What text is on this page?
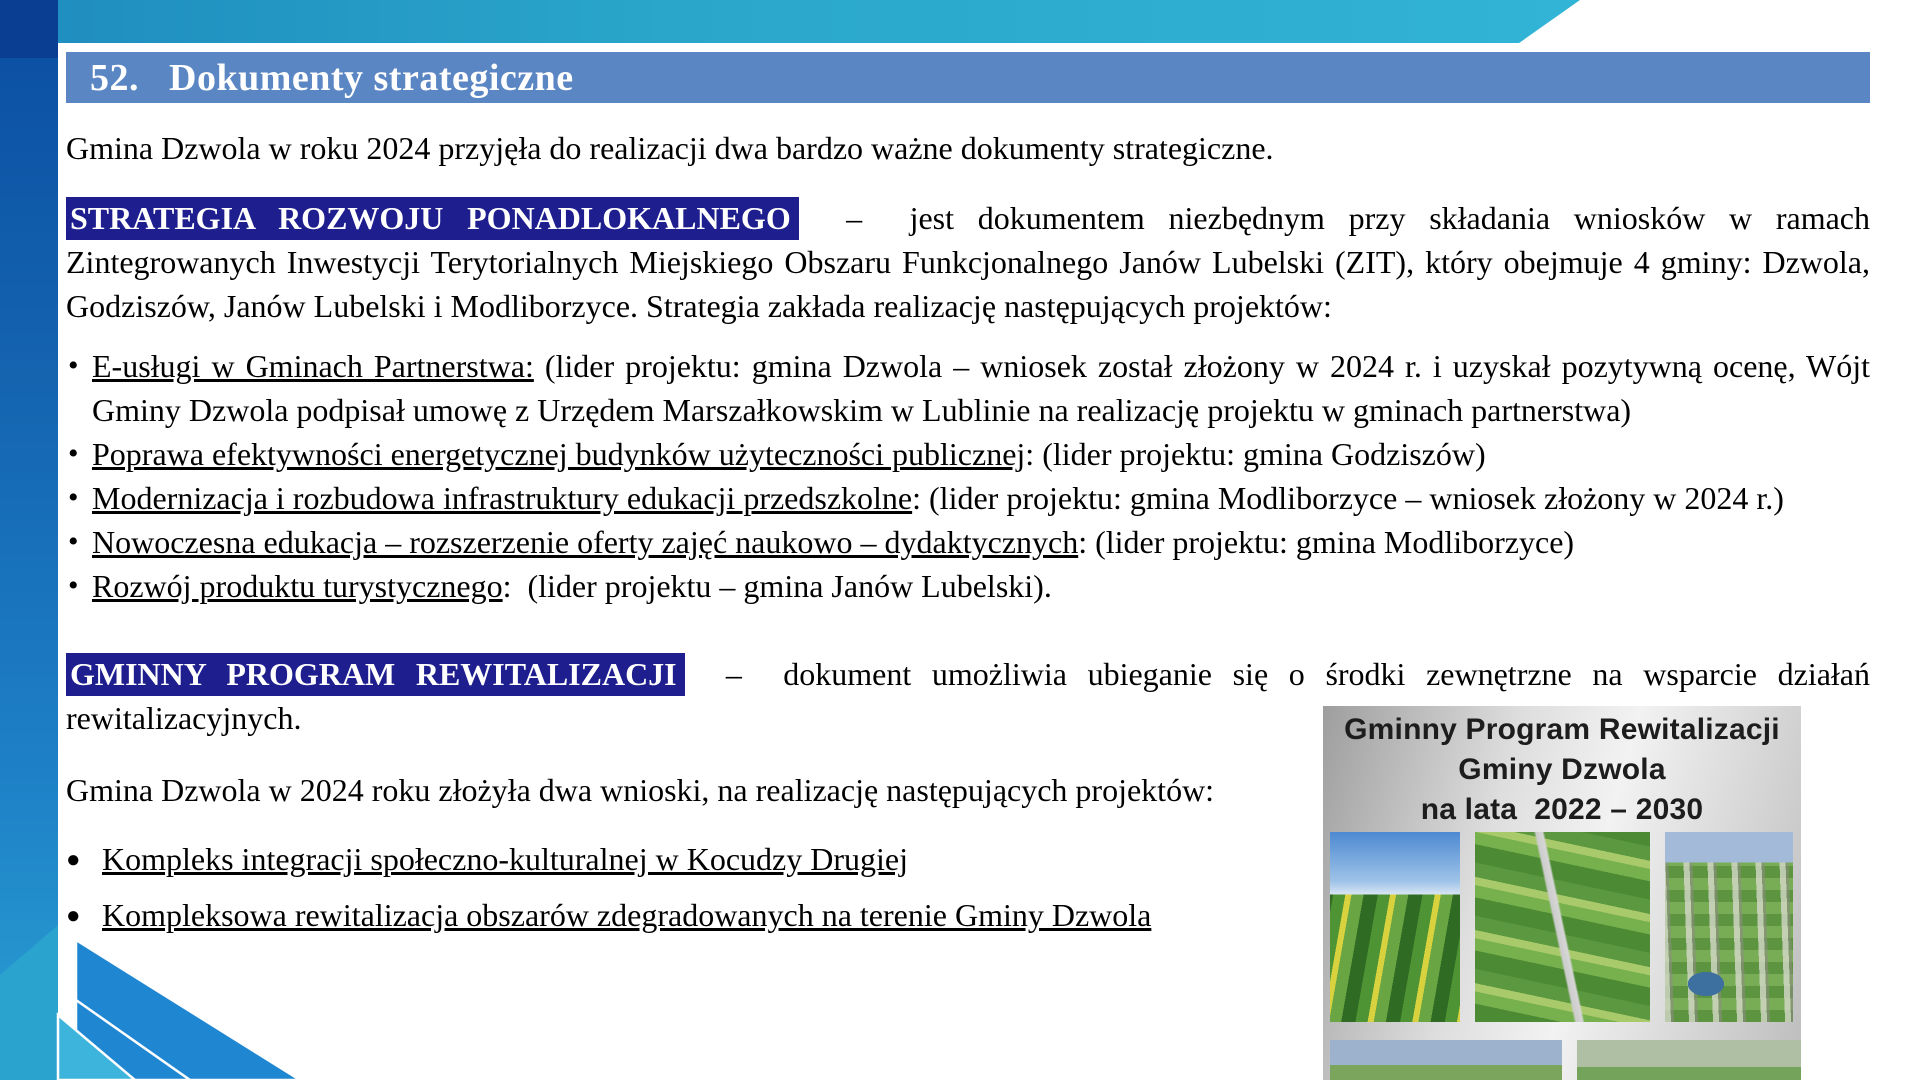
52.   Dokumenty strategiczne
Gmina Dzwola w roku 2024 przyjęła do realizacji dwa bardzo ważne dokumenty strategiczne.
STRATEGIA ROZWOJU PONADLOKALNEGO  –  jest dokumentem niezbędnym przy składania wniosków w ramach Zintegrowanych Inwestycji Terytorialnych Miejskiego Obszaru Funkcjonalnego Janów Lubelski (ZIT), który obejmuje 4 gminy: Dzwola, Godziszów, Janów Lubelski i Modliborzyce. Strategia zakłada realizację następujących projektów:
• E-usługi w Gminach Partnerstwa: (lider projektu: gmina Dzwola – wniosek został złożony w 2024 r. i uzyskał pozytywną ocenę, Wójt Gminy Dzwola podpisał umowę z Urzędem Marszałkowskim w Lublinie na realizację projektu w gminach partnerstwa)
• Poprawa efektywności energetycznej budynków użyteczności publicznej: (lider projektu: gmina Godziszów)
• Modernizacja i rozbudowa infrastruktury edukacji przedszkolne: (lider projektu: gmina Modliborzyce – wniosek złożony w 2024 r.)
• Nowoczesna edukacja – rozszerzenie oferty zajęć naukowo – dydaktycznych: (lider projektu: gmina Modliborzyce)
• Rozwój produktu turystycznego:  (lider projektu – gmina Janów Lubelski).
GMINNY PROGRAM REWITALIZACJI  –  dokument umożliwia ubieganie się o środki zewnętrzne na wsparcie działań rewitalizacyjnych.
Gmina Dzwola w 2024 roku złożyła dwa wnioski, na realizację następujących projektów:
● Kompleks integracji społeczno-kulturalnej w Kocudzy Drugiej
● Kompleksowa rewitalizacja obszarów zdegradowanych na terenie Gminy Dzwola
Gminny Program Rewitalizacji
Gminy Dzwola
na lata  2022 – 2030
